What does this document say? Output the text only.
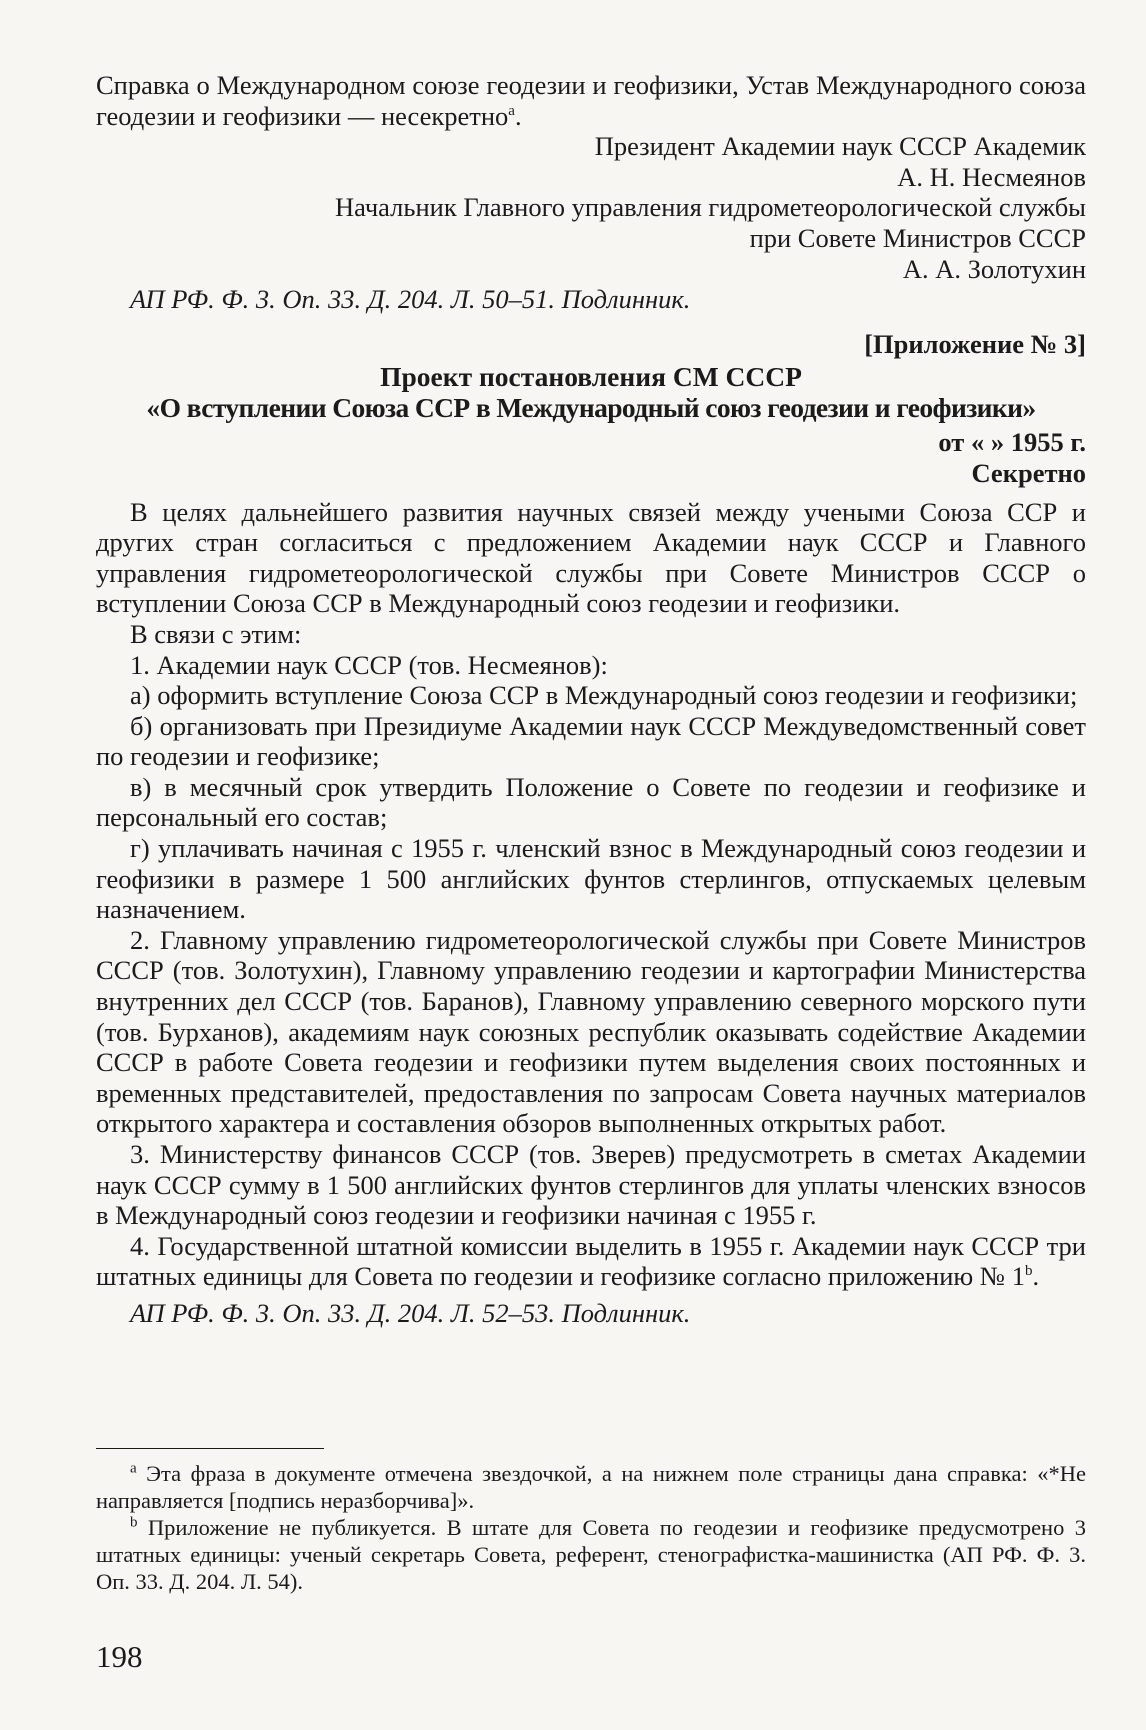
Справка о Международном союзе геодезии и геофизики, Устав Международного союза геодезии и геофизики — несекретно$^а$.

Президент Академии наук СССР Академик

А. Н. Несмеянов

Начальник Главного управления гидрометеорологической службы

при Совете Министров СССР

А. А. Золотухин

АП РФ. Ф. 3. Оп. 33. Д. 204. Л. 50–51. Подлинник.

[Приложение № 3]

Проект постановления СМ СССР

«О вступлении Союза ССР в Международный союз геодезии и геофизики»

от « » 1955 г.

Секретно

В целях дальнейшего развития научных связей между учеными Союза ССР и других стран согласиться с предложением Академии наук СССР и Главного управления гидрометеорологической службы при Совете Министров СССР о вступлении Союза ССР в Международный союз геодезии и геофизики.

В связи с этим:

1. Академии наук СССР (тов. Несмеянов):

а) оформить вступление Союза ССР в Международный союз геодезии и геофизики;

б) организовать при Президиуме Академии наук СССР Междуведомственный совет по геодезии и геофизике;

в) в месячный срок утвердить Положение о Совете по геодезии и геофизике и персональный его состав;

г) уплачивать начиная с 1955 г. членский взнос в Международный союз геодезии и геофизики в размере 1 500 английских фунтов стерлингов, отпускаемых целевым назначением.

2. Главному управлению гидрометеорологической службы при Совете Министров СССР (тов. Золотухин), Главному управлению геодезии и картографии Министерства внутренних дел СССР (тов. Баранов), Главному управлению северного морского пути (тов. Бурханов), академиям наук союзных республик оказывать содействие Академии СССР в работе Совета геодезии и геофизики путем выделения своих постоянных и временных представителей, предоставления по запросам Совета научных материалов открытого характера и составления обзоров выполненных открытых работ.

3. Министерству финансов СССР (тов. Зверев) предусмотреть в сметах Академии наук СССР сумму в 1 500 английских фунтов стерлингов для уплаты членских взносов в Международный союз геодезии и геофизики начиная с 1955 г.

4. Государственной штатной комиссии выделить в 1955 г. Академии наук СССР три штатных единицы для Совета по геодезии и геофизике согласно приложению № 1$^b$.

АП РФ. Ф. 3. Оп. 33. Д. 204. Л. 52–53. Подлинник.

$^а$ Эта фраза в документе отмечена звездочкой, а на нижнем поле страницы дана справка: «*Не направляется [подпись неразборчива]».

$^b$ Приложение не публикуется. В штате для Совета по геодезии и геофизике предусмотрено 3 штатных единицы: ученый секретарь Совета, референт, стенографистка-машинистка (АП РФ. Ф. 3. Оп. 33. Д. 204. Л. 54).

198
